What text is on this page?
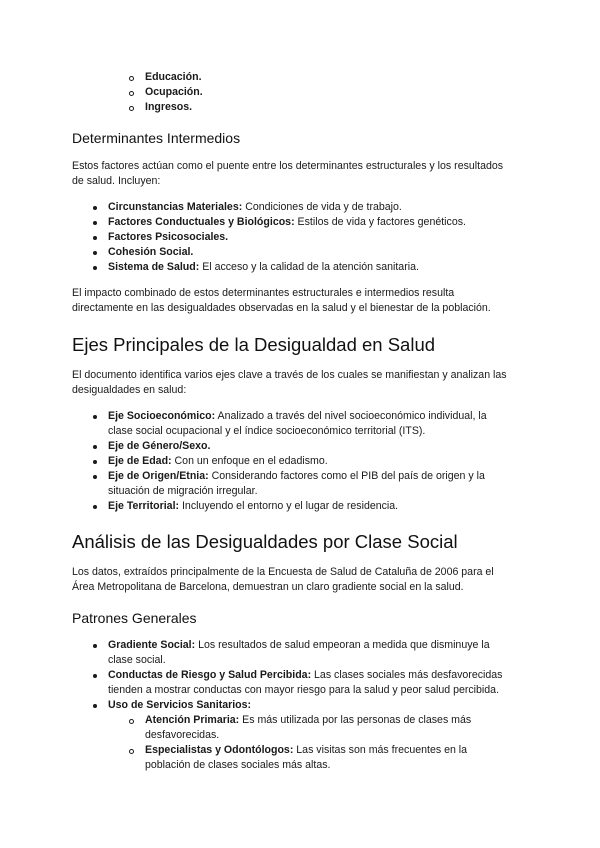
Educación.
Ocupación.
Ingresos.
Determinantes Intermedios
Estos factores actúan como el puente entre los determinantes estructurales y los resultados
de salud. Incluyen:
Circunstancias Materiales: Condiciones de vida y de trabajo.
Factores Conductuales y Biológicos: Estilos de vida y factores genéticos.
Factores Psicosociales.
Cohesión Social.
Sistema de Salud: El acceso y la calidad de la atención sanitaria.
El impacto combinado de estos determinantes estructurales e intermedios resulta
directamente en las desigualdades observadas en la salud y el bienestar de la población.
Ejes Principales de la Desigualdad en Salud
El documento identifica varios ejes clave a través de los cuales se manifiestan y analizan las
desigualdades en salud:
Eje Socioeconómico: Analizado a través del nivel socioeconómico individual, la
clase social ocupacional y el índice socioeconómico territorial (ITS).
Eje de Género/Sexo.
Eje de Edad: Con un enfoque en el edadismo.
Eje de Origen/Etnia: Considerando factores como el PIB del país de origen y la
situación de migración irregular.
Eje Territorial: Incluyendo el entorno y el lugar de residencia.
Análisis de las Desigualdades por Clase Social
Los datos, extraídos principalmente de la Encuesta de Salud de Cataluña de 2006 para el
Área Metropolitana de Barcelona, demuestran un claro gradiente social en la salud.
Patrones Generales
Gradiente Social: Los resultados de salud empeoran a medida que disminuye la
clase social.
Conductas de Riesgo y Salud Percibida: Las clases sociales más desfavorecidas
tienden a mostrar conductas con mayor riesgo para la salud y peor salud percibida.
Uso de Servicios Sanitarios:
Atención Primaria: Es más utilizada por las personas de clases más
desfavorecidas.
Especialistas y Odontólogos: Las visitas son más frecuentes en la
población de clases sociales más altas.
